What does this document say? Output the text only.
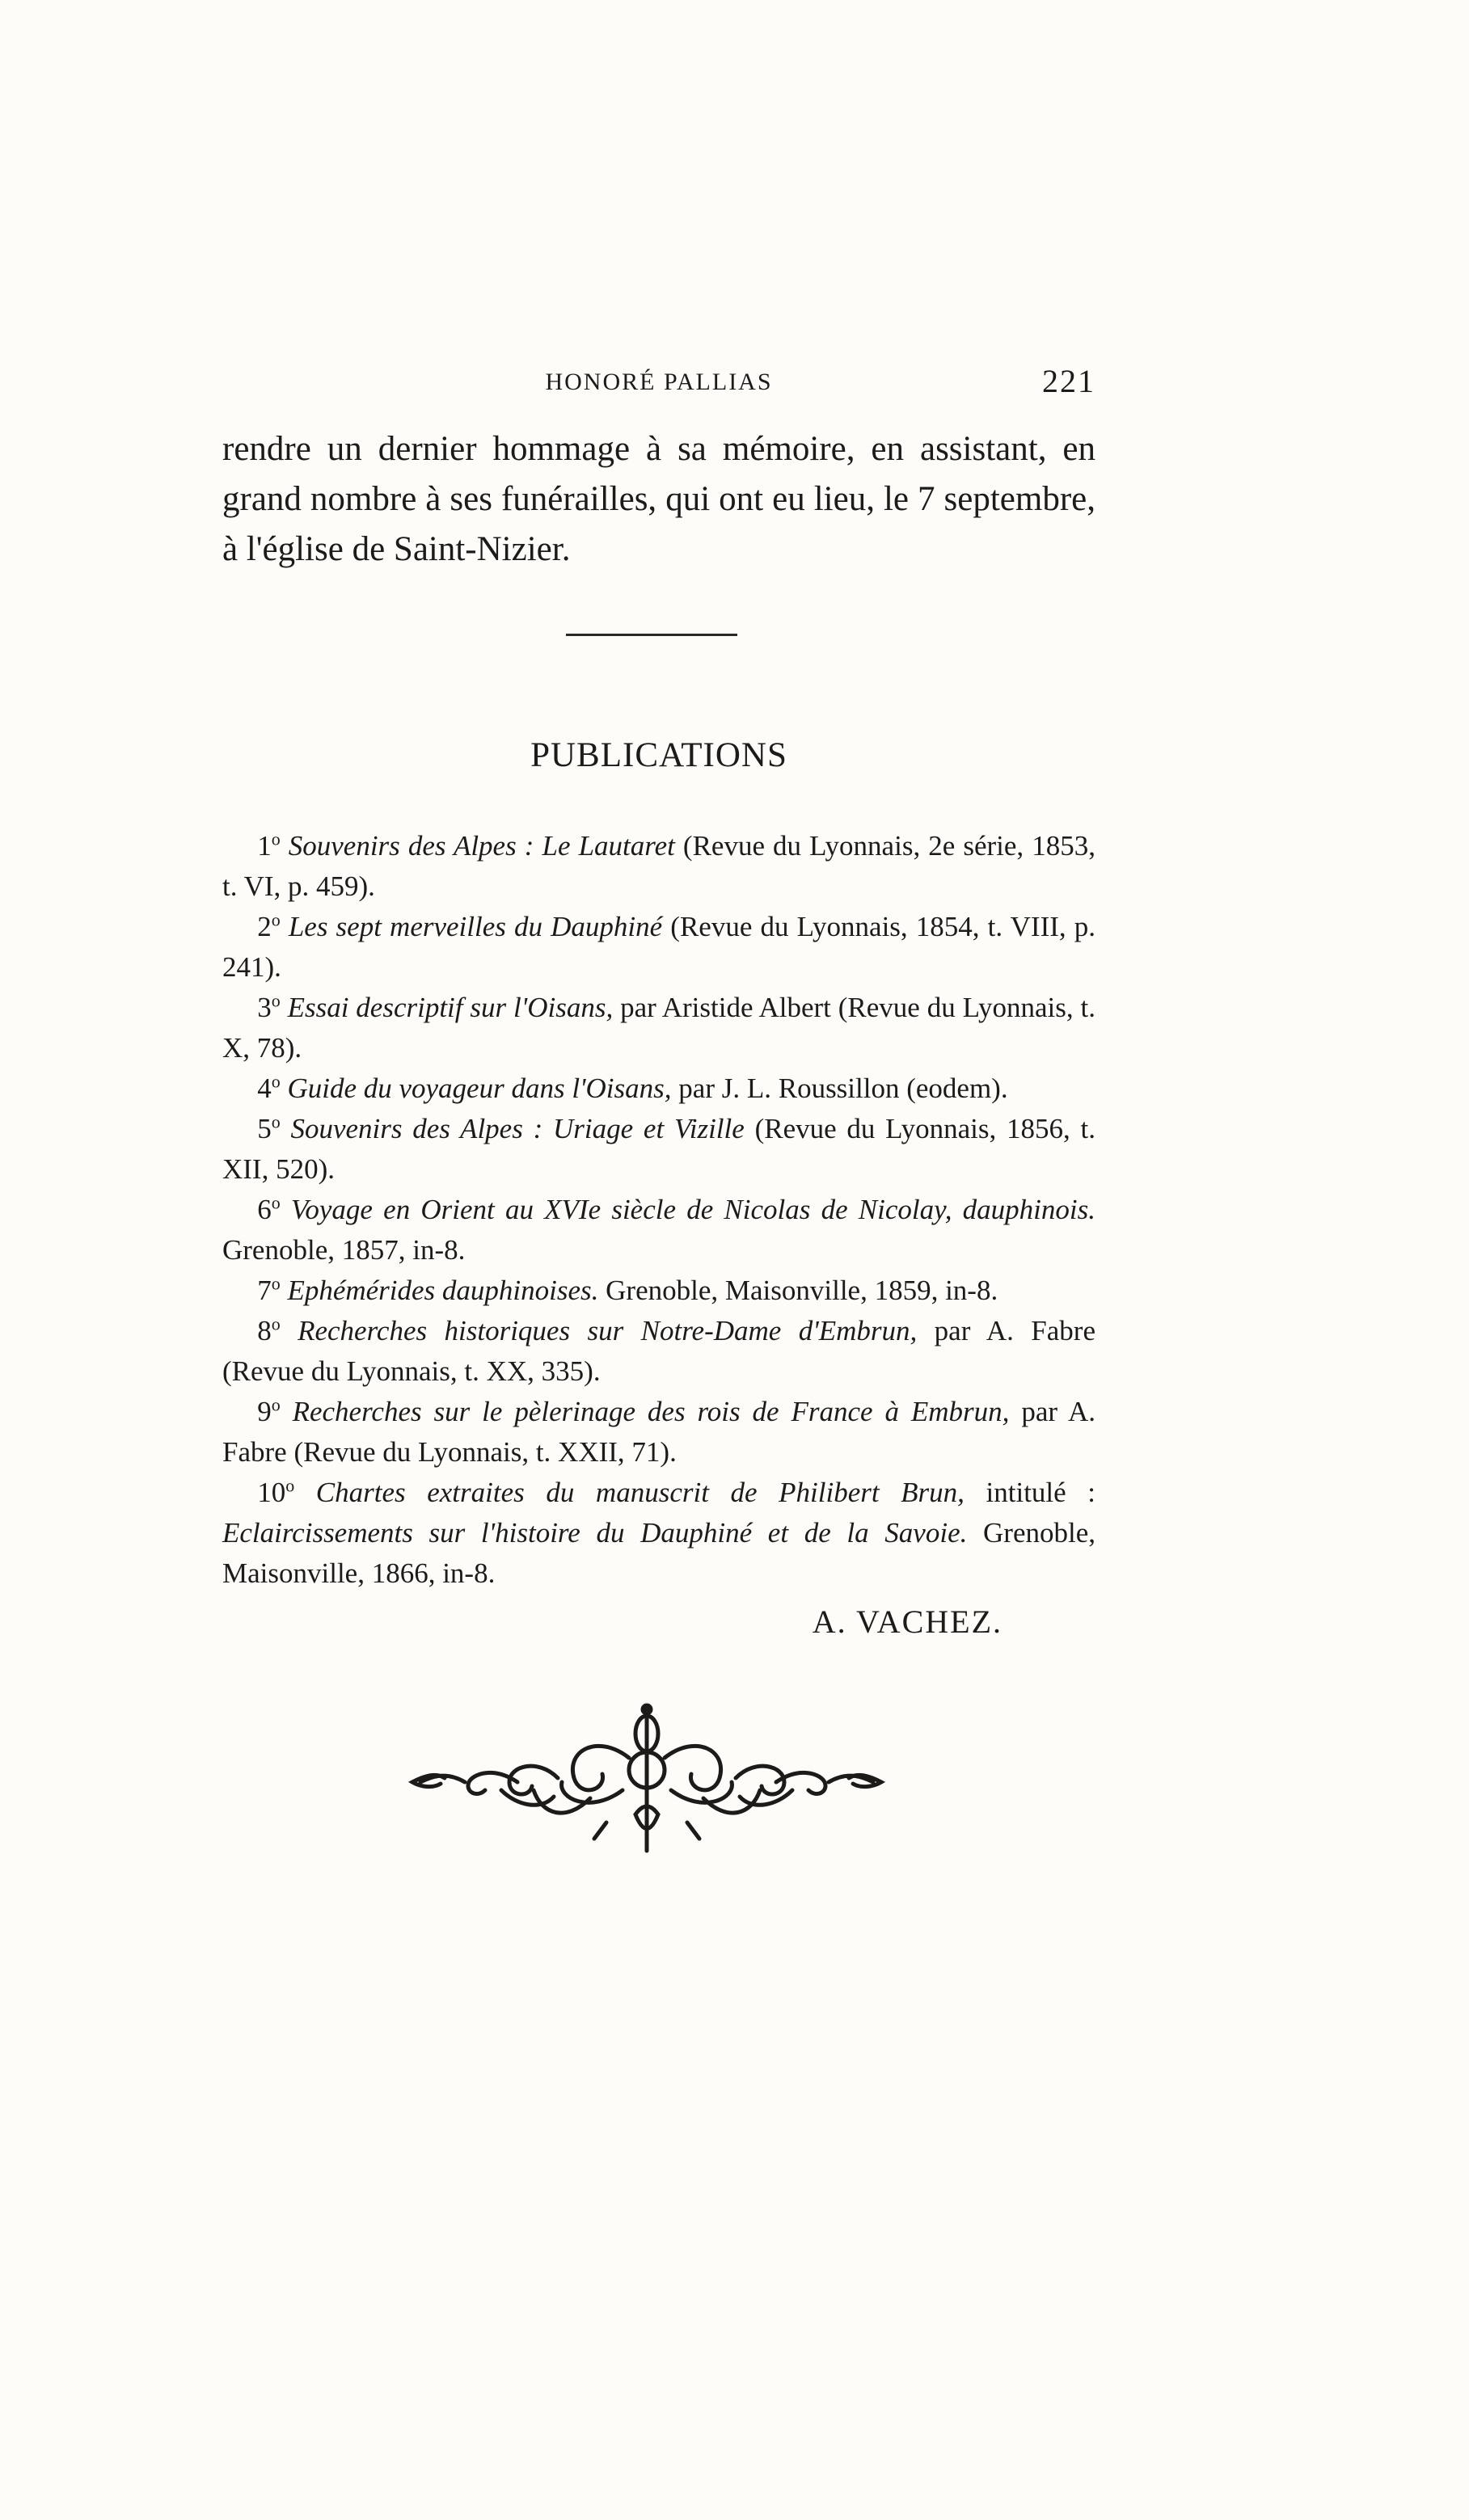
HONORÉ PALLIAS	221
rendre un dernier hommage à sa mémoire, en assistant, en grand nombre à ses funérailles, qui ont eu lieu, le 7 septembre, à l'église de Saint-Nizier.
PUBLICATIONS

1$^o$ Souvenirs des Alpes : Le Lautaret (Revue du Lyonnais, 2e série, 1853, t. VI, p. 459).

2$^o$ Les sept merveilles du Dauphiné (Revue du Lyonnais, 1854, t. VIII, p. 241).

3$^o$ Essai descriptif sur l'Oisans, par Aristide Albert (Revue du Lyonnais, t. X, 78).

4$^o$ Guide du voyageur dans l'Oisans, par J. L. Roussillon (eodem).

5$^o$ Souvenirs des Alpes : Uriage et Vizille (Revue du Lyonnais, 1856, t. XII, 520).

6$^o$ Voyage en Orient au XVIe siècle de Nicolas de Nicolay, dauphinois. Grenoble, 1857, in-8.

7$^o$ Ephémérides dauphinoises. Grenoble, Maisonville, 1859, in-8.

8$^o$ Recherches historiques sur Notre-Dame d'Embrun, par A. Fabre (Revue du Lyonnais, t. XX, 335).

9$^o$ Recherches sur le pèlerinage des rois de France à Embrun, par A. Fabre (Revue du Lyonnais, t. XXII, 71).

10$^o$ Chartes extraites du manuscrit de Philibert Brun, intitulé : Eclaircissements sur l'histoire du Dauphiné et de la Savoie. Grenoble, Maisonville, 1866, in-8.

A. VACHEZ.
